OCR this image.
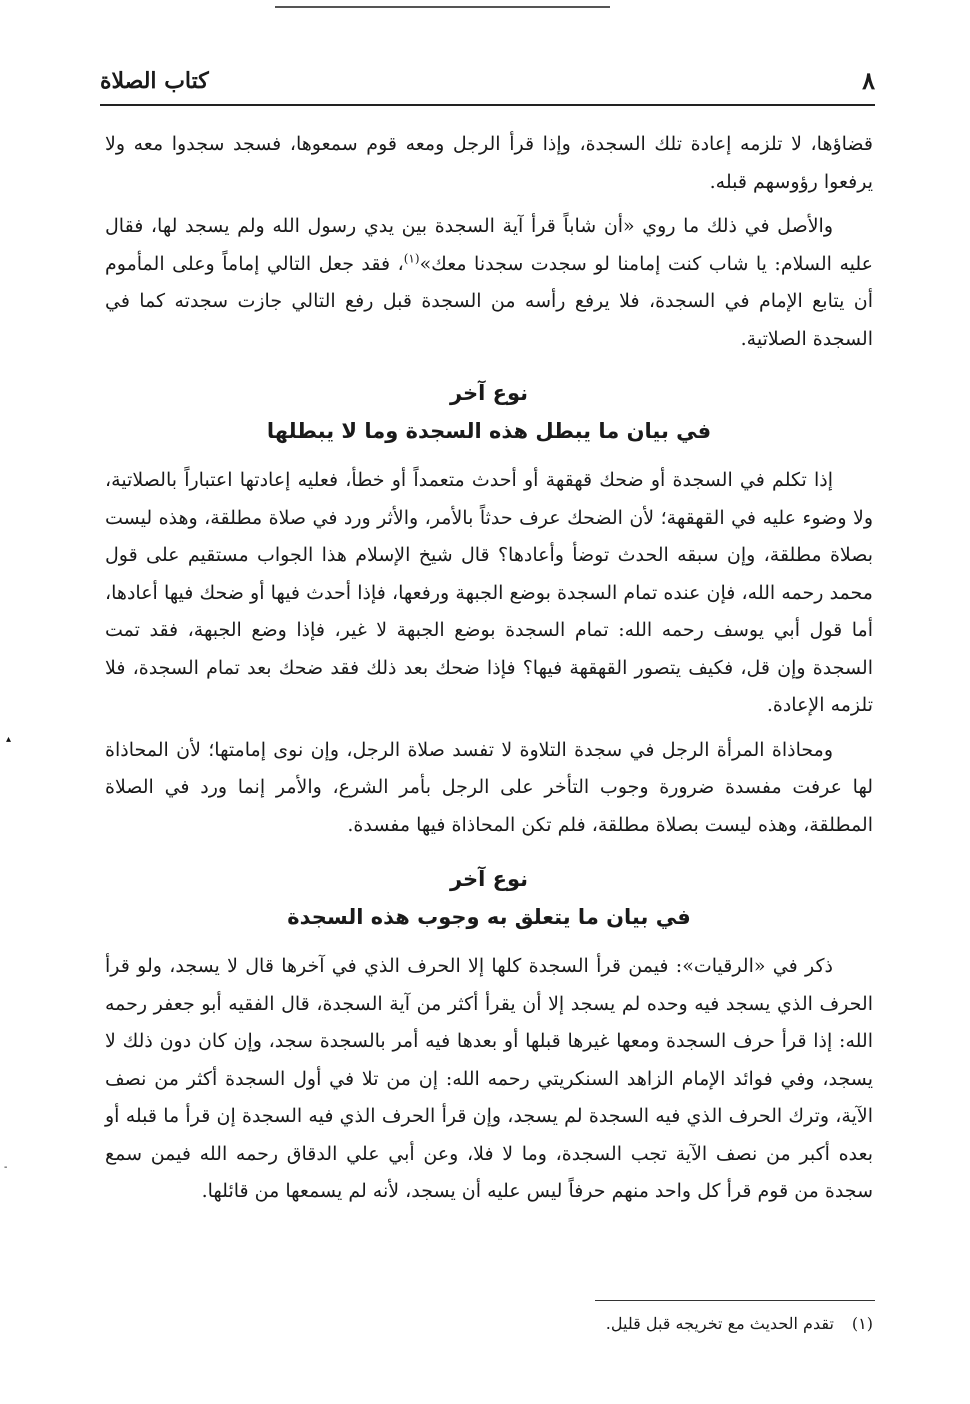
٨
كتاب الصلاة

قضاؤها، لا تلزمه إعادة تلك السجدة، وإذا قرأ الرجل ومعه قوم سمعوها، فسجد سجدوا معه ولا يرفعوا رؤوسهم قبله.

والأصل في ذلك ما روي «أن شاباً قرأ آية السجدة بين يدي رسول الله ولم يسجد لها، فقال عليه السلام: يا شاب كنت إمامنا لو سجدت سجدنا معك»$^{(١)}$، فقد جعل التالي إماماً وعلى المأموم أن يتابع الإمام في السجدة، فلا يرفع رأسه من السجدة قبل رفع التالي جازت سجدته كما في السجدة الصلاتية.

نوع آخر
في بيان ما يبطل هذه السجدة وما لا يبطلها

إذا تكلم في السجدة أو ضحك قهقهة أو أحدث متعمداً أو خطأ، فعليه إعادتها اعتباراً بالصلاتية، ولا وضوء عليه في القهقهة؛ لأن الضحك عرف حدثاً بالأمر، والأثر ورد في صلاة مطلقة، وهذه ليست بصلاة مطلقة، وإن سبقه الحدث توضأ وأعادها؟ قال شيخ الإسلام هذا الجواب مستقيم على قول محمد رحمه الله، فإن عنده تمام السجدة بوضع الجبهة ورفعها، فإذا أحدث فيها أو ضحك فيها أعادها، أما قول أبي يوسف رحمه الله: تمام السجدة بوضع الجبهة لا غير، فإذا وضع الجبهة، فقد تمت السجدة وإن قل، فكيف يتصور القهقهة فيها؟ فإذا ضحك بعد ذلك فقد ضحك بعد تمام السجدة، فلا تلزمه الإعادة.

ومحاذاة المرأة الرجل في سجدة التلاوة لا تفسد صلاة الرجل، وإن نوى إمامتها؛ لأن المحاذاة لها عرفت مفسدة ضرورة وجوب التأخر على الرجل بأمر الشرع، والأمر إنما ورد في الصلاة المطلقة، وهذه ليست بصلاة مطلقة، فلم تكن المحاذاة فيها مفسدة.

نوع آخر
في بيان ما يتعلق به وجوب هذه السجدة

ذكر في «الرقيات»: فيمن قرأ السجدة كلها إلا الحرف الذي في آخرها قال لا يسجد، ولو قرأ الحرف الذي يسجد فيه وحده لم يسجد إلا أن يقرأ أكثر من آية السجدة، قال الفقيه أبو جعفر رحمه الله: إذا قرأ حرف السجدة ومعها غيرها قبلها أو بعدها فيه أمر بالسجدة سجد، وإن كان دون ذلك لا يسجد، وفي فوائد الإمام الزاهد السنكريتي رحمه الله: إن من تلا في أول السجدة أكثر من نصف الآية، وترك الحرف الذي فيه السجدة لم يسجد، وإن قرأ الحرف الذي فيه السجدة إن قرأ ما قبله أو بعده أكبر من نصف الآية تجب السجدة، وما لا فلا، وعن أبي علي الدقاق رحمه الله فيمن سمع سجدة من قوم قرأ كل واحد منهم حرفاً ليس عليه أن يسجد، لأنه لم يسمعها من قائلها.

(١)تقدم الحديث مع تخريجه قبل قليل.
▴
-
